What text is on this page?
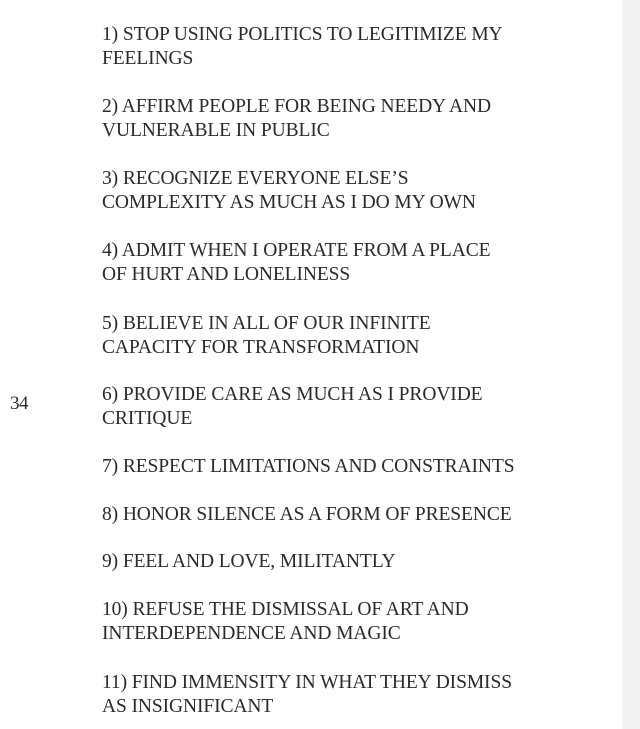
34

1) STOP USING POLITICS TO LEGITIMIZE MY
FEELINGS

2) AFFIRM PEOPLE FOR BEING NEEDY AND
VULNERABLE IN PUBLIC

3) RECOGNIZE EVERYONE ELSE’S
COMPLEXITY AS MUCH AS I DO MY OWN

4) ADMIT WHEN I OPERATE FROM A PLACE
OF HURT AND LONELINESS

5) BELIEVE IN ALL OF OUR INFINITE
CAPACITY FOR TRANSFORMATION

6) PROVIDE CARE AS MUCH AS I PROVIDE
CRITIQUE

7) RESPECT LIMITATIONS AND CONSTRAINTS

8) HONOR SILENCE AS A FORM OF PRESENCE

9) FEEL AND LOVE, MILITANTLY

10) REFUSE THE DISMISSAL OF ART AND
INTERDEPENDENCE AND MAGIC

11) FIND IMMENSITY IN WHAT THEY DISMISS
AS INSIGNIFICANT
